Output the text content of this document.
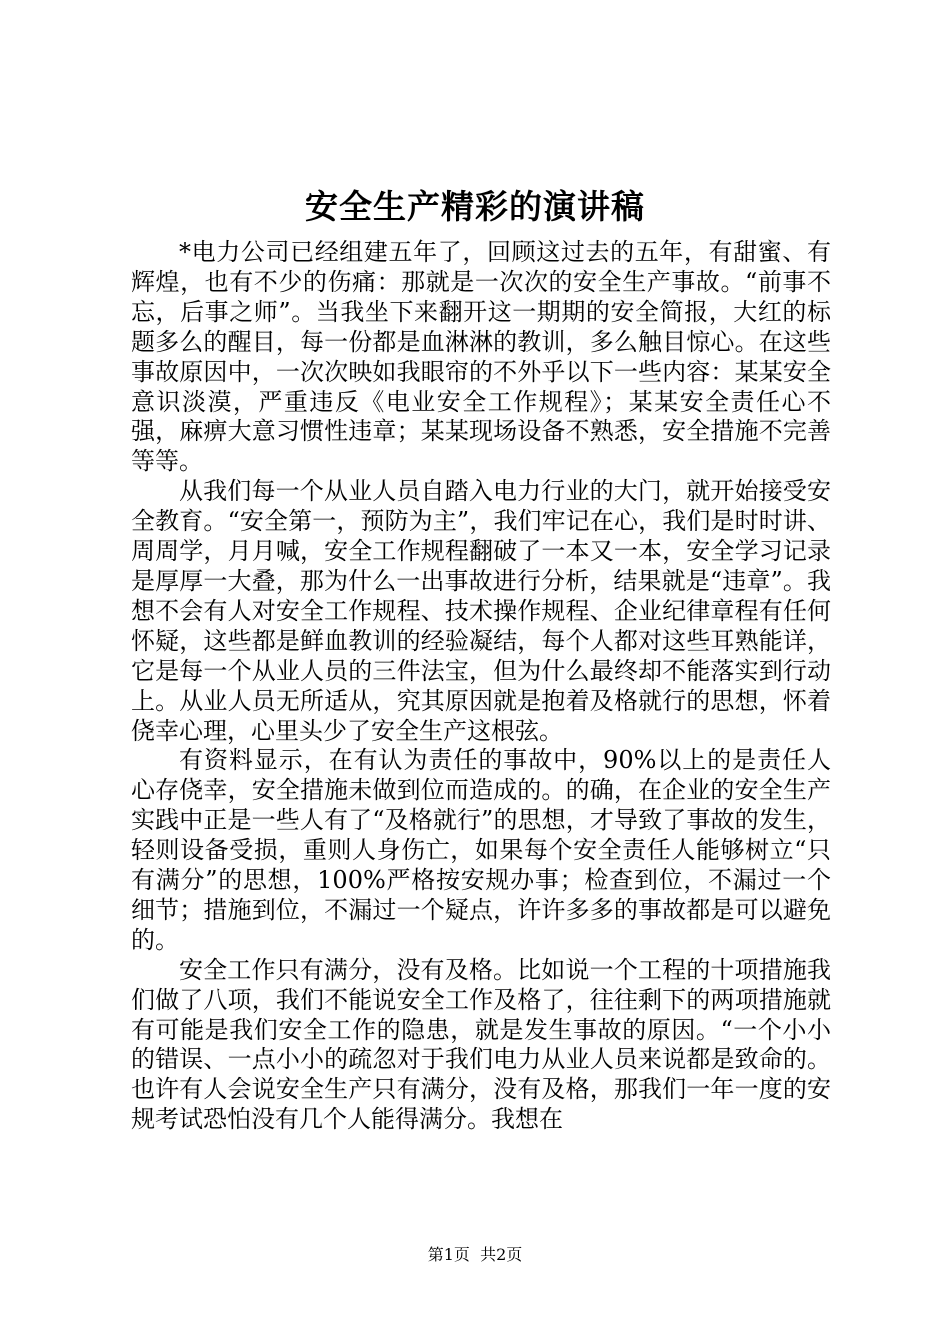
安全生产精彩的演讲稿

*电力公司已经组建五年了，回顾这过去的五年，有甜蜜、有辉煌，也有不少的伤痛：那就是一次次的安全生产事故。“前事不忘，后事之师”。当我坐下来翻开这一期期的安全简报，大红的标题多么的醒目，每一份都是血淋淋的教训，多么触目惊心。在这些事故原因中，一次次映如我眼帘的不外乎以下一些内容：某某安全意识淡漠，严重违反《电业安全工作规程》；某某安全责任心不强，麻痹大意习惯性违章；某某现场设备不熟悉，安全措施不完善等等。

从我们每一个从业人员自踏入电力行业的大门，就开始接受安全教育。“安全第一，预防为主”，我们牢记在心，我们是时时讲、周周学，月月喊，安全工作规程翻破了一本又一本，安全学习记录是厚厚一大叠，那为什么一出事故进行分析，结果就是“违章”。我想不会有人对安全工作规程、技术操作规程、企业纪律章程有任何怀疑，这些都是鲜血教训的经验凝结，每个人都对这些耳熟能详，它是每一个从业人员的三件法宝，但为什么最终却不能落实到行动上。从业人员无所适从，究其原因就是抱着及格就行的思想，怀着侥幸心理，心里头少了安全生产这根弦。

有资料显示，在有认为责任的事故中，90%以上的是责任人心存侥幸，安全措施未做到位而造成的。的确，在企业的安全生产实践中正是一些人有了“及格就行”的思想，才导致了事故的发生，轻则设备受损，重则人身伤亡，如果每个安全责任人能够树立“只有满分”的思想，100%严格按安规办事；检查到位，不漏过一个细节；措施到位，不漏过一个疑点，许许多多的事故都是可以避免的。

安全工作只有满分，没有及格。比如说一个工程的十项措施我们做了八项，我们不能说安全工作及格了，往往剩下的两项措施就有可能是我们安全工作的隐患，就是发生事故的原因。“一个小小的错误、一点小小的疏忽对于我们电力从业人员来说都是致命的。也许有人会说安全生产只有满分，没有及格，那我们一年一度的安规考试恐怕没有几个人能得满分。我想在

第1页 共2页
